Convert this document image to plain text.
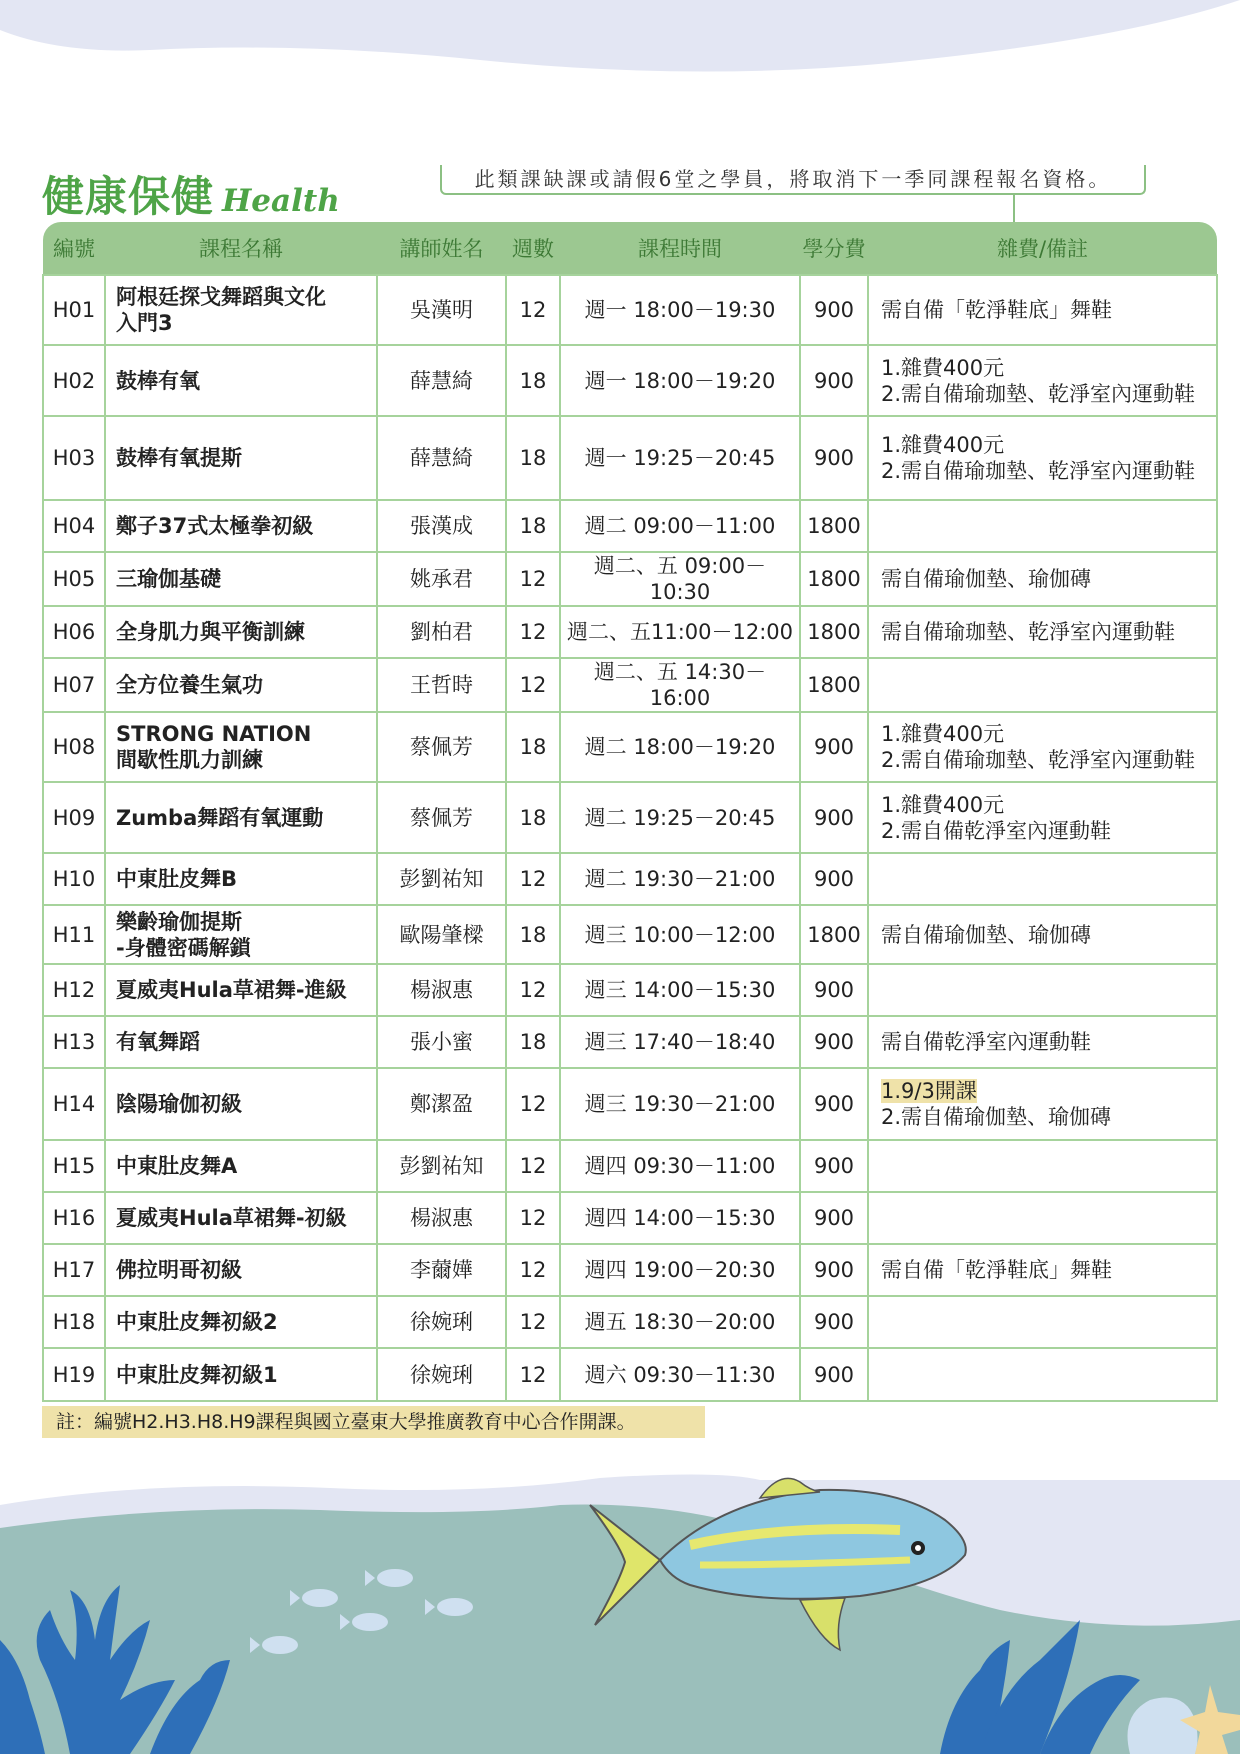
健康保健 Health
此類課缺課或請假6堂之學員，將取消下一季同課程報名資格。
編號	課程名稱	講師姓名	週數	課程時間	學分費	雜費/備註
H01	阿根廷探戈舞蹈與文化
入門3	吳漢明	12	週一 18:00－19:30	900	需自備「乾淨鞋底」舞鞋

H02	鼓棒有氧	薛慧綺	18	週一 18:00－19:20	900	1.雜費400元
2.需自備瑜珈墊、乾淨室內運動鞋

H03	鼓棒有氧提斯	薛慧綺	18	週一 19:25－20:45	900	1.雜費400元
2.需自備瑜珈墊、乾淨室內運動鞋

H04	鄭子37式太極拳初級	張漢成	18	週二 09:00－11:00	1800	
H05	三瑜伽基礎	姚承君	12	週二、五 09:00－10:30	1800	需自備瑜伽墊、瑜伽磚

H06	全身肌力與平衡訓練	劉柏君	12	週二、五11:00－12:00	1800	需自備瑜珈墊、乾淨室內運動鞋

H07	全方位養生氣功	王哲時	12	週二、五 14:30－16:00	1800	
H08	STRONG NATION
間歇性肌力訓練	蔡佩芳	18	週二 18:00－19:20	900	1.雜費400元
2.需自備瑜珈墊、乾淨室內運動鞋

H09	Zumba舞蹈有氧運動	蔡佩芳	18	週二 19:25－20:45	900	1.雜費400元
2.需自備乾淨室內運動鞋

H10	中東肚皮舞B	彭劉祐知	12	週二 19:30－21:00	900	
H11	樂齡瑜伽提斯
-身體密碼解鎖	歐陽肇樑	18	週三 10:00－12:00	1800	需自備瑜伽墊、瑜伽磚

H12	夏威夷Hula草裙舞-進級	楊淑惠	12	週三 14:00－15:30	900	
H13	有氧舞蹈	張小蜜	18	週三 17:40－18:40	900	需自備乾淨室內運動鞋

H14	陰陽瑜伽初級	鄭潔盈	12	週三 19:30－21:00	900	1.9/3開課
2.需自備瑜伽墊、瑜伽磚

H15	中東肚皮舞A	彭劉祐知	12	週四 09:30－11:00	900	
H16	夏威夷Hula草裙舞-初級	楊淑惠	12	週四 14:00－15:30	900	
H17	佛拉明哥初級	李薾嬅	12	週四 19:00－20:30	900	需自備「乾淨鞋底」舞鞋

H18	中東肚皮舞初級2	徐婉琍	12	週五 18:30－20:00	900	
H19	中東肚皮舞初級1	徐婉琍	12	週六 09:30－11:30	900	
註：編號H2.H3.H8.H9課程與國立臺東大學推廣教育中心合作開課。
